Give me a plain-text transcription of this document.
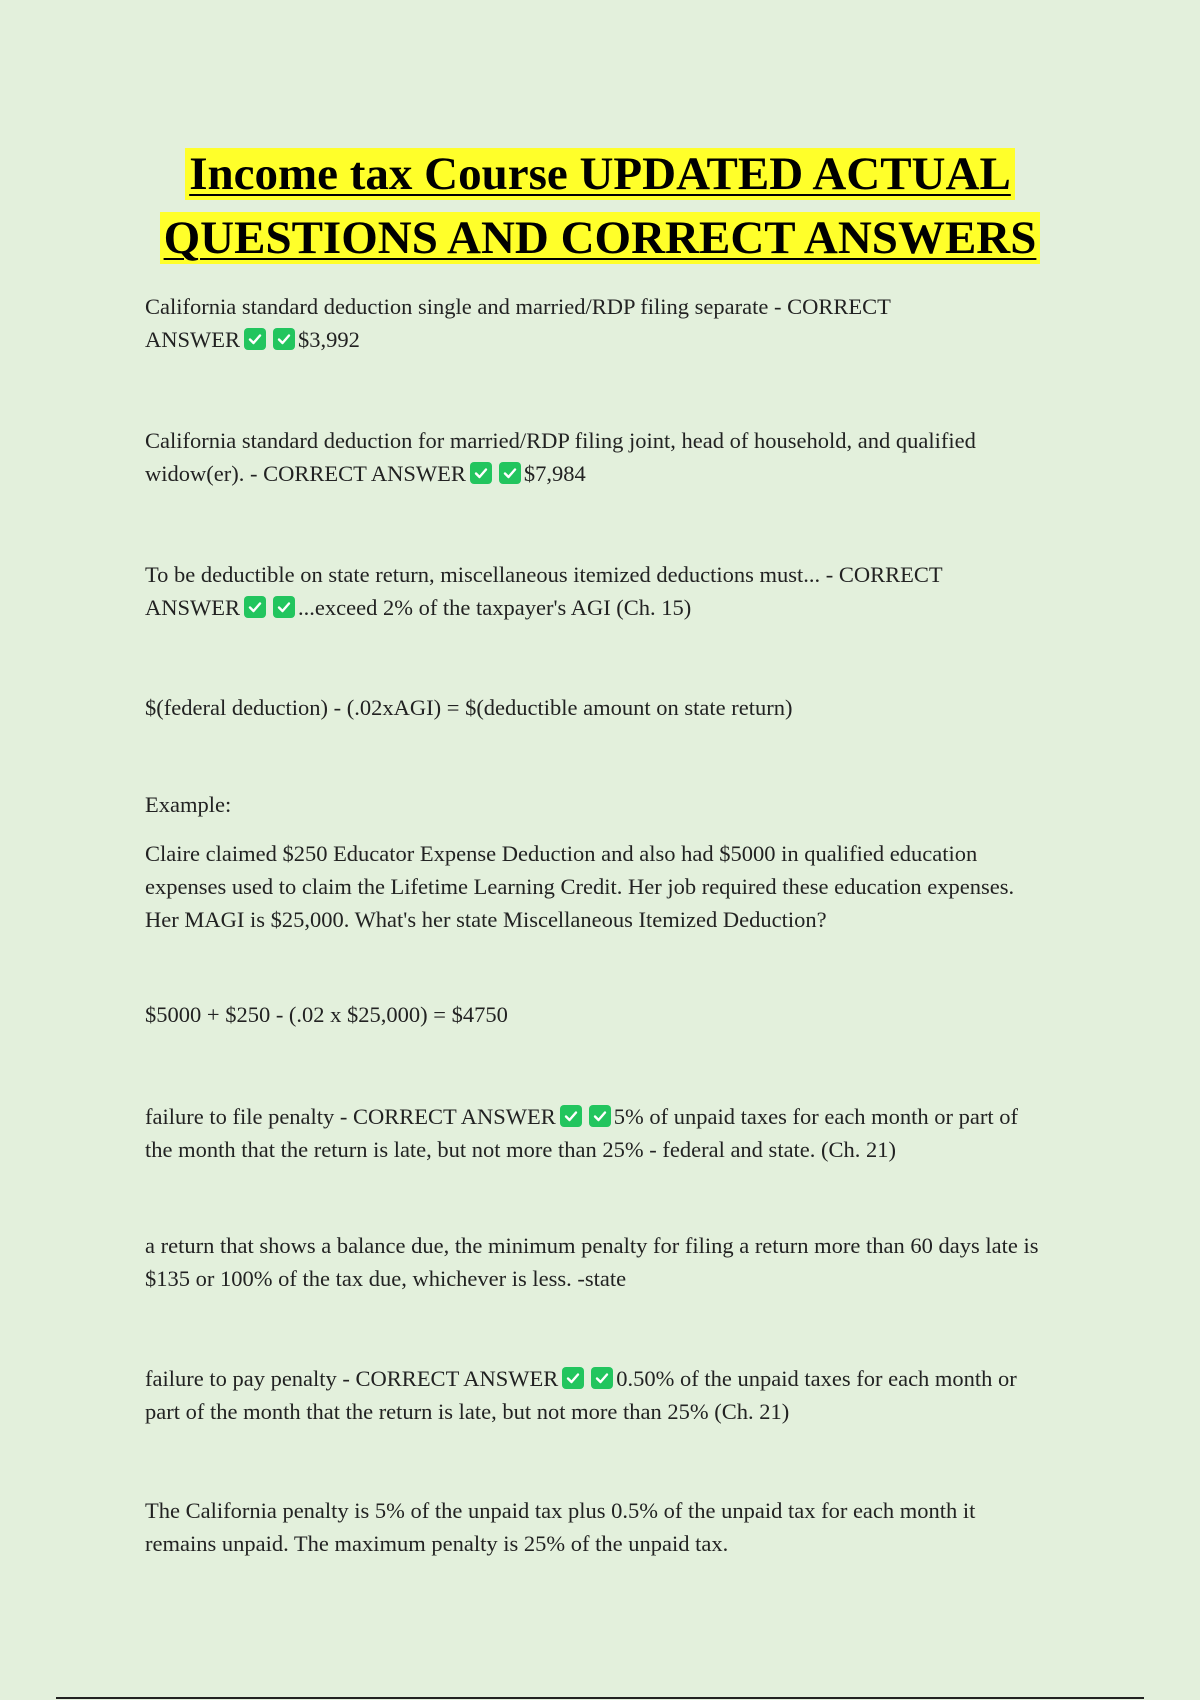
Income tax Course UPDATED ACTUAL
QUESTIONS AND CORRECT ANSWERS
California standard deduction single and married/RDP filing separate - CORRECT
ANSWER	$3,992
California standard deduction for married/RDP filing joint, head of household, and qualified widow(er). - CORRECT ANSWER	$7,984
To be deductible on state return, miscellaneous itemized deductions must... - CORRECT
ANSWER	...exceed 2% of the taxpayer's AGI (Ch. 15)
$(federal deduction) - (.02xAGI) = $(deductible amount on state return)
Example:
Claire claimed $250 Educator Expense Deduction and also had $5000 in qualified education expenses used to claim the Lifetime Learning Credit. Her job required these education expenses. Her MAGI is $25,000. What's her state Miscellaneous Itemized Deduction?
$5000 + $250 - (.02 x $25,000) = $4750
failure to file penalty - CORRECT ANSWER	5% of unpaid taxes for each month or part of the month that the return is late, but not more than 25% - federal and state. (Ch. 21)
a return that shows a balance due, the minimum penalty for filing a return more than 60 days late is $135 or 100% of the tax due, whichever is less. -state
failure to pay penalty - CORRECT ANSWER	0.50% of the unpaid taxes for each month or part of the month that the return is late, but not more than 25% (Ch. 21)
The California penalty is 5% of the unpaid tax plus 0.5% of the unpaid tax for each month it remains unpaid. The maximum penalty is 25% of the unpaid tax.
